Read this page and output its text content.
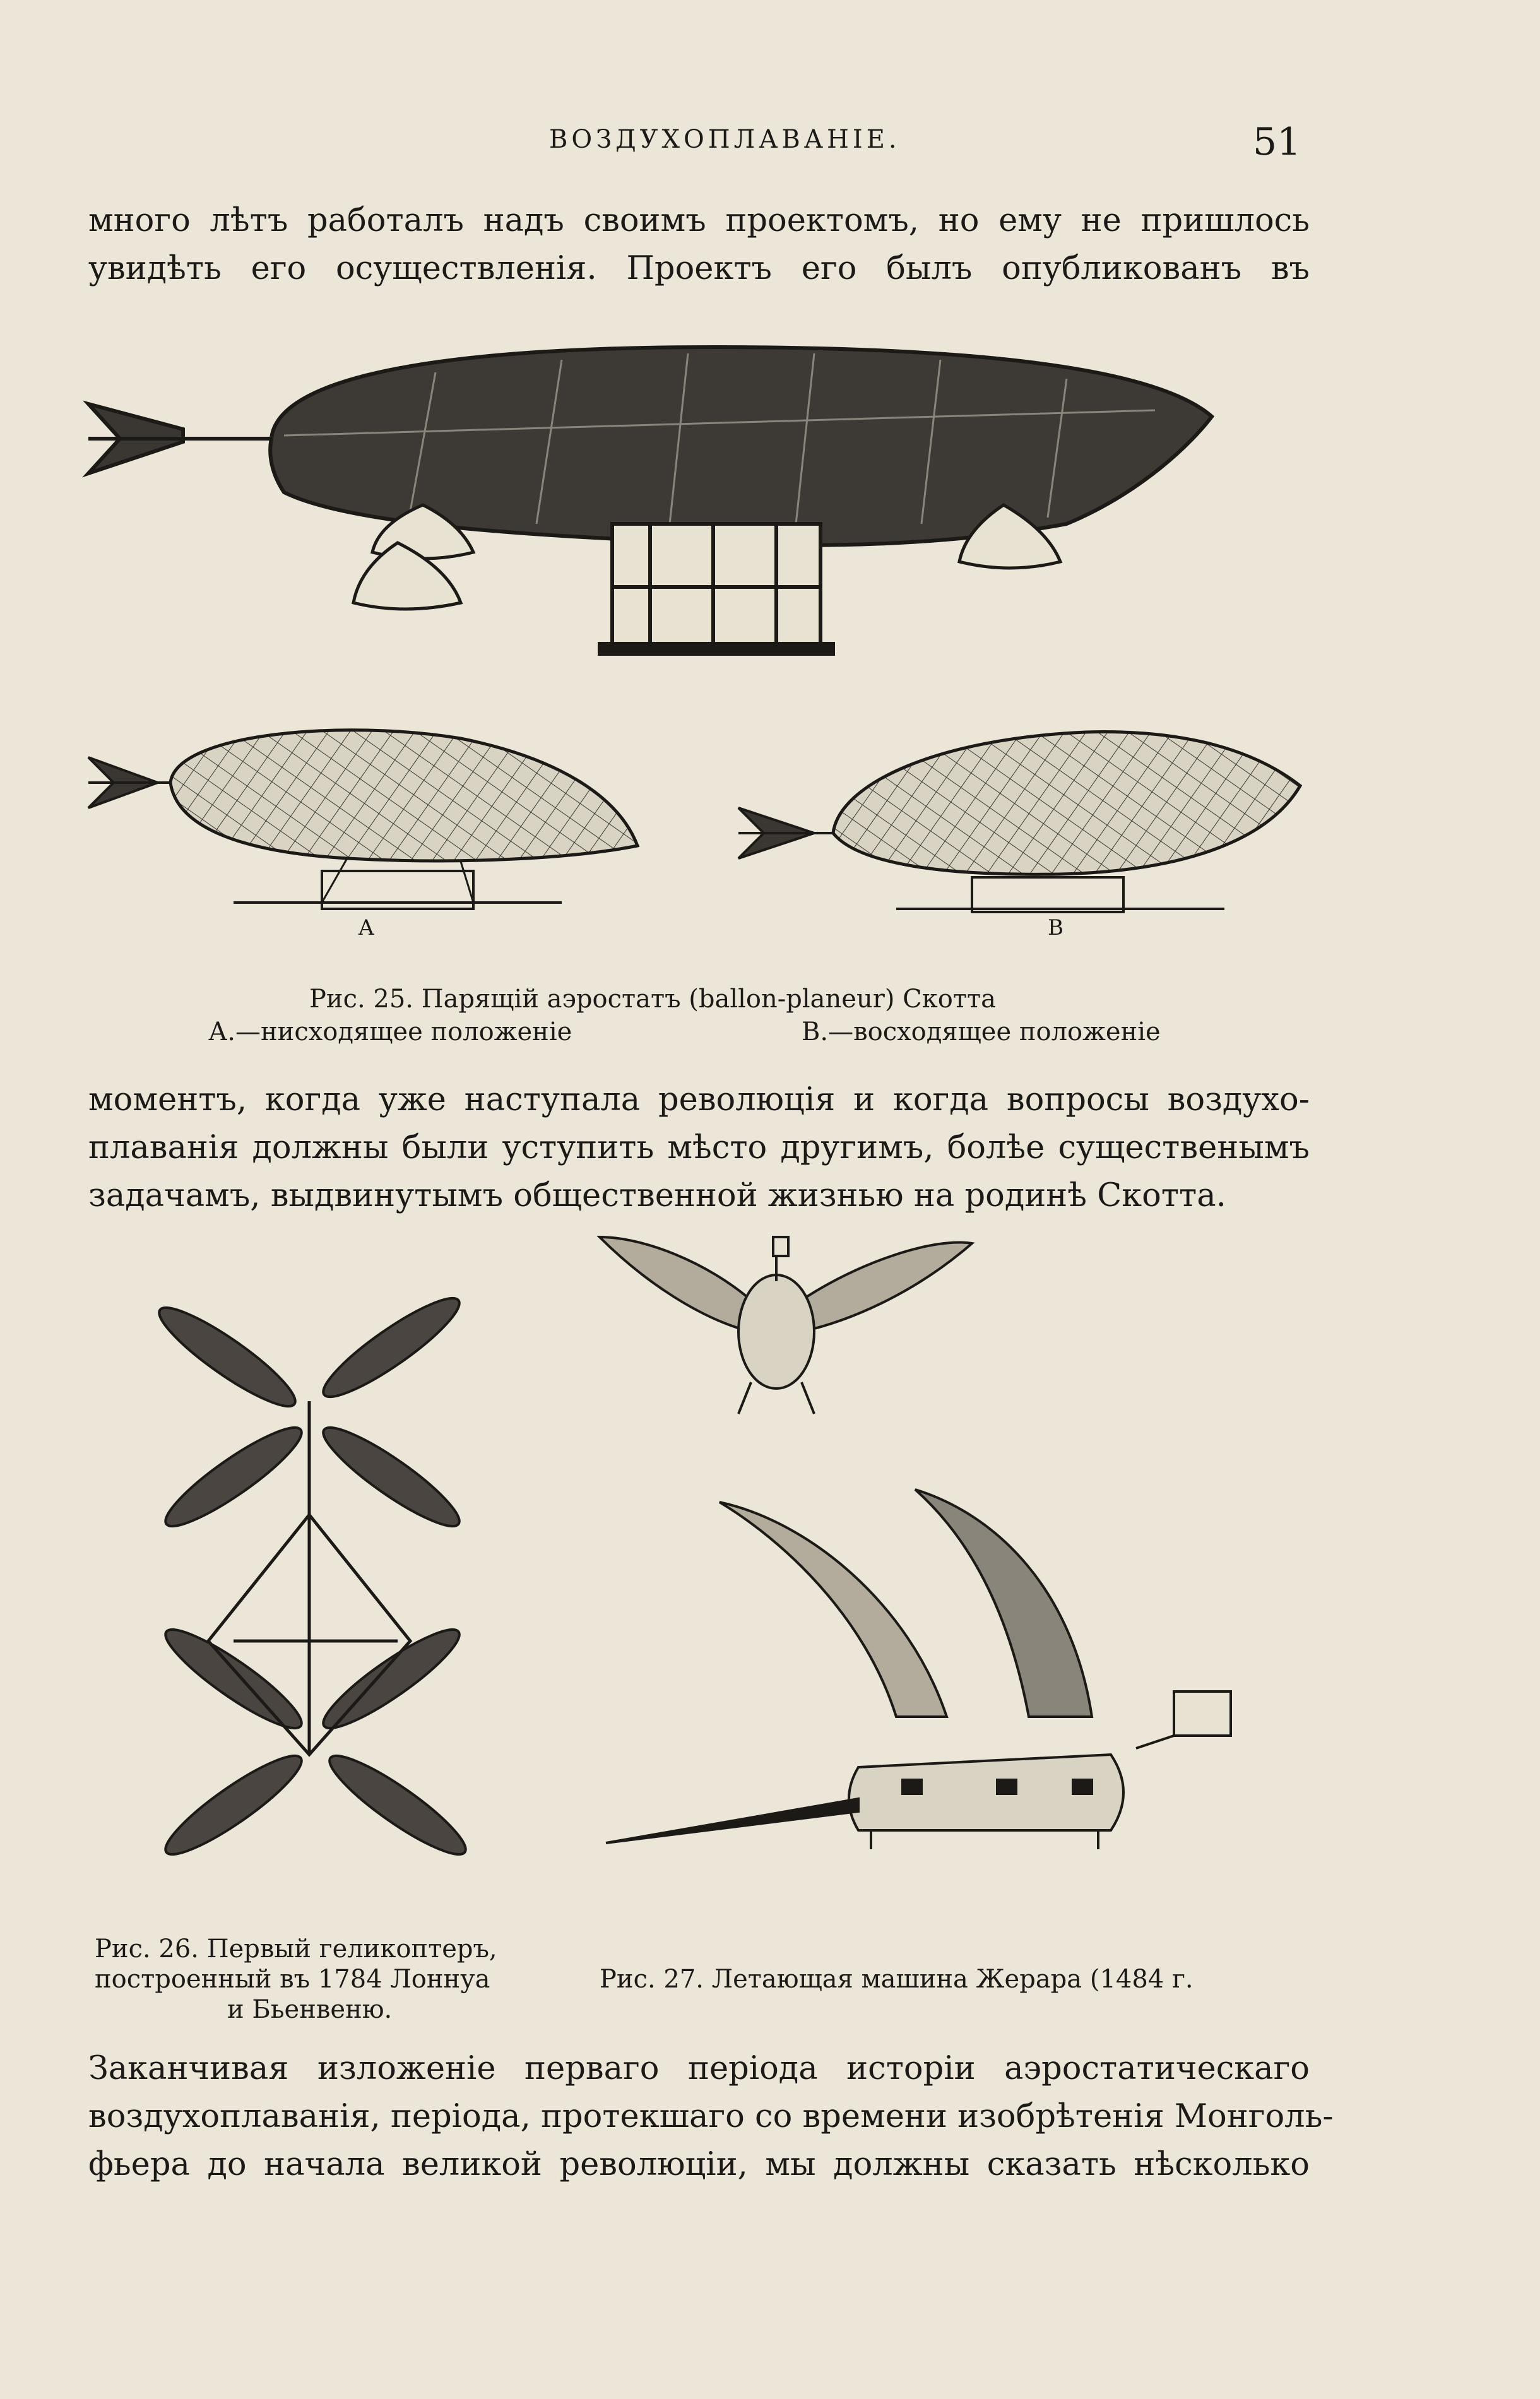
ВОЗДУХОПЛАВАНІЕ.	51
много лѣтъ работалъ надъ своимъ проектомъ, но ему не пришлось
увидѣть его осуществленія. Проектъ его былъ опубликованъ въ
A	B
Рис. 25. Парящій аэростатъ (ballon-planeur) Скотта
А.—нисходящее положеніе	В.—восходящее положеніе
моментъ, когда уже наступала революція и когда вопросы воздухо-
плаванія должны были уступить мѣсто другимъ, болѣе существенымъ
задачамъ, выдвинутымъ общественной жизнью на родинѣ Скотта.
Рис. 26. Первый геликоптеръ,
построенный въ 1784 Лоннуа
и Бьенвеню.
Рис. 27. Летающая машина Жерара (1484 г.
Заканчивая изложеніе перваго періода исторіи аэростатическаго
воздухоплаванія, періода, протекшаго со времени изобрѣтенія Монголь-
фьера до начала великой революціи, мы должны сказать нѣсколько
